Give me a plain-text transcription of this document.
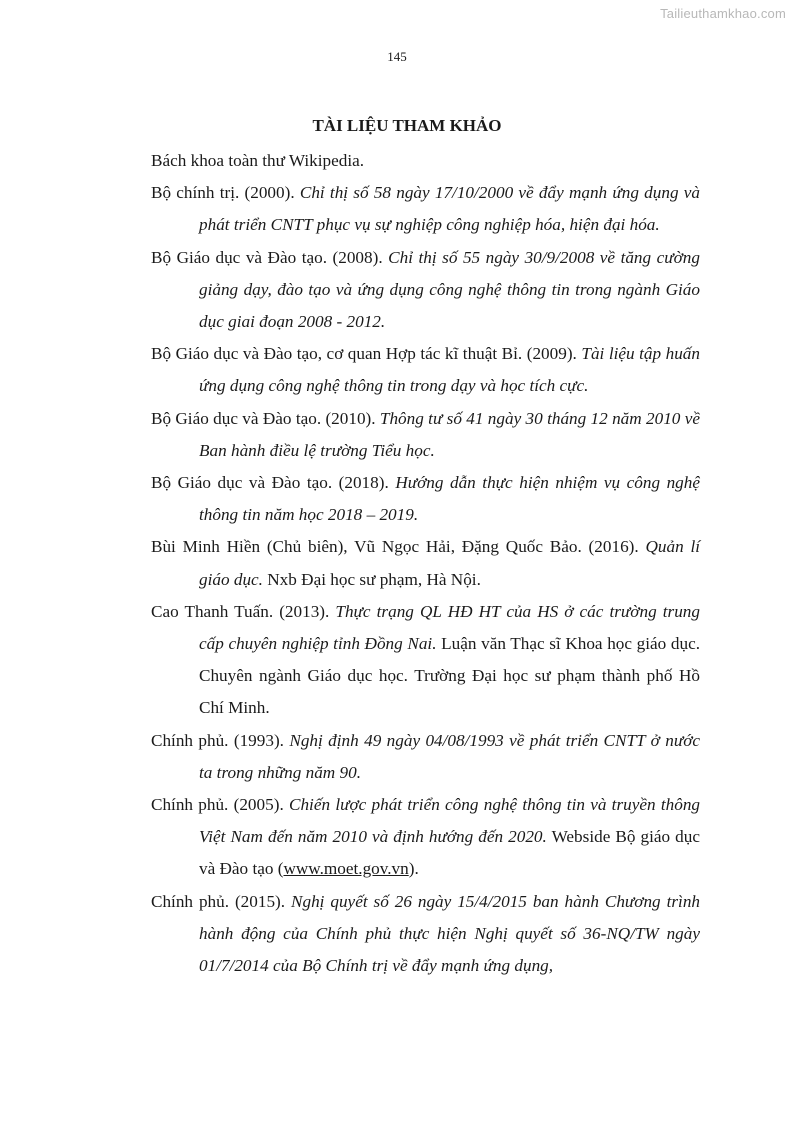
Tailieuthamkhao.com
145
TÀI LIỆU THAM KHẢO

Bách khoa toàn thư Wikipedia.

Bộ chính trị. (2000). Chỉ thị số 58 ngày 17/10/2000 về đẩy mạnh ứng dụng và phát triển CNTT phục vụ sự nghiệp công nghiệp hóa, hiện đại hóa.

Bộ Giáo dục và Đào tạo. (2008). Chỉ thị số 55 ngày 30/9/2008 về tăng cường giảng dạy, đào tạo và ứng dụng công nghệ thông tin trong ngành Giáo dục giai đoạn 2008 - 2012.

Bộ Giáo dục và Đào tạo, cơ quan Hợp tác kĩ thuật Bỉ. (2009). Tài liệu tập huấn ứng dụng công nghệ thông tin trong dạy và học tích cực.

Bộ Giáo dục và Đào tạo. (2010). Thông tư số 41 ngày 30 tháng 12 năm 2010 về Ban hành điều lệ trường Tiểu học.

Bộ Giáo dục và Đào tạo. (2018). Hướng dẫn thực hiện nhiệm vụ công nghệ thông tin năm học 2018 – 2019.

Bùi Minh Hiền (Chủ biên), Vũ Ngọc Hải, Đặng Quốc Bảo. (2016). Quản lí giáo dục. Nxb Đại học sư phạm, Hà Nội.

Cao Thanh Tuấn. (2013). Thực trạng QL HĐ HT của HS ở các trường trung cấp chuyên nghiệp tỉnh Đồng Nai. Luận văn Thạc sĩ Khoa học giáo dục. Chuyên ngành Giáo dục học. Trường Đại học sư phạm thành phố Hồ Chí Minh.

Chính phủ. (1993). Nghị định 49 ngày 04/08/1993 về phát triển CNTT ở nước ta trong những năm 90.

Chính phủ. (2005). Chiến lược phát triển công nghệ thông tin và truyền thông Việt Nam đến năm 2010 và định hướng đến 2020. Webside Bộ giáo dục và Đào tạo (www.moet.gov.vn).

Chính phủ. (2015). Nghị quyết số 26 ngày 15/4/2015 ban hành Chương trình hành động của Chính phủ thực hiện Nghị quyết số 36-NQ/TW ngày 01/7/2014 của Bộ Chính trị về đẩy mạnh ứng dụng,
